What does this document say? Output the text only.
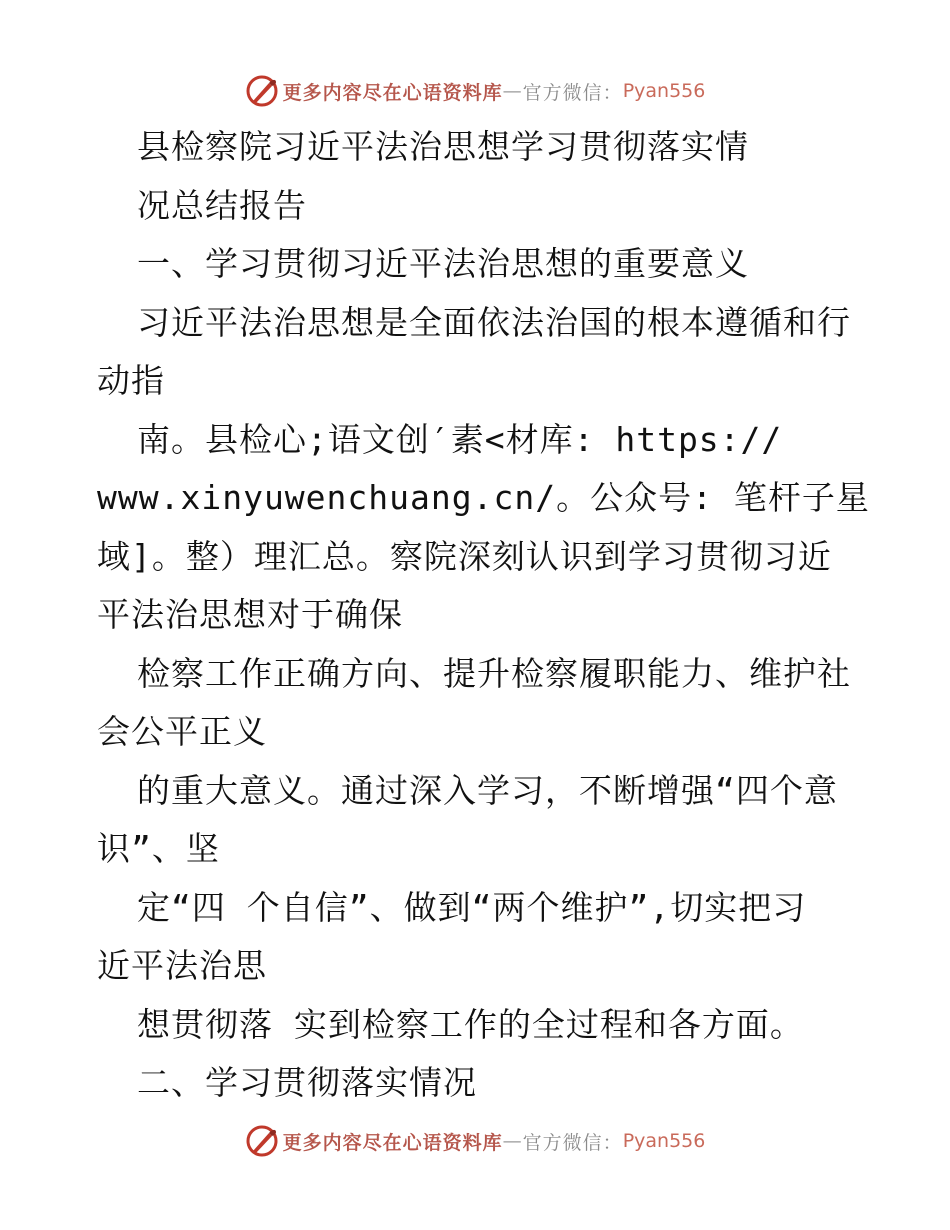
更多内容尽在心语资料库 — 官方微信： Pyan556
县检察院习近平法治思想学习贯彻落实情
况总结报告
一、学习贯彻习近平法治思想的重要意义
习近平法治思想是全面依法治国的根本遵循和行
动指
南。县检心;语文创′素<材库: https://
www.xinyuwenchuang.cn/。公众号: 笔杆子星
域]。整）理汇总。察院深刻认识到学习贯彻习近
平法治思想对于确保
检察工作正确方向、提升检察履职能力、维护社
会公平正义
的重大意义。通过深入学习，不断增强“四个意
识”、坚
定“四 个自信”、做到“两个维护”,切实把习
近平法治思
想贯彻落 实到检察工作的全过程和各方面。
二、学习贯彻落实情况
更多内容尽在心语资料库 — 官方微信： Pyan556
